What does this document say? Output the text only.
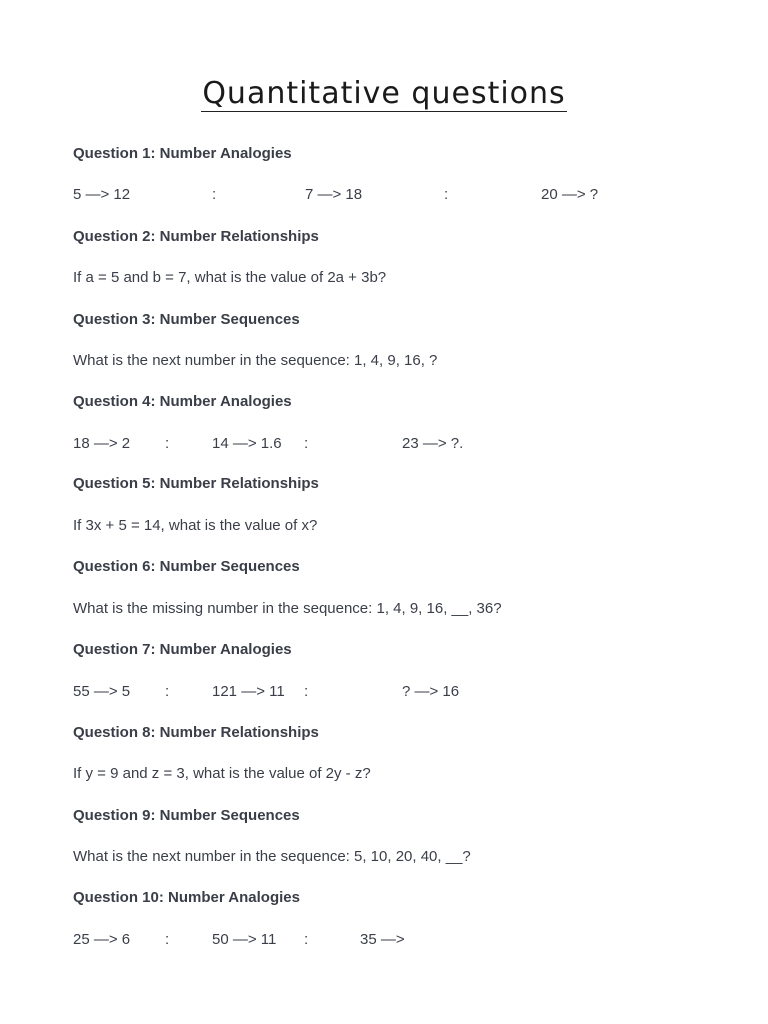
Quantitative questions
Question 1: Number Analogies
5 —> 12	:	7 —> 18	:	20 —> ?
Question 2: Number Relationships
If a = 5 and b = 7, what is the value of 2a + 3b?
Question 3: Number Sequences
What is the next number in the sequence: 1, 4, 9, 16, ?
Question 4: Number Analogies
18 —> 2 :	14 —> 1.6 :	23 —> ?.
Question 5: Number Relationships
If 3x + 5 = 14, what is the value of x?
Question 6: Number Sequences
What is the missing number in the sequence: 1, 4, 9, 16, __, 36?
Question 7: Number Analogies
55 —> 5 :	121 —> 11 :	? —> 16
Question 8: Number Relationships
If y = 9 and z = 3, what is the value of 2y - z?
Question 9: Number Sequences
What is the next number in the sequence: 5, 10, 20, 40, __?
Question 10: Number Analogies
25 —> 6 :	50 —> 11 :	35 —>
